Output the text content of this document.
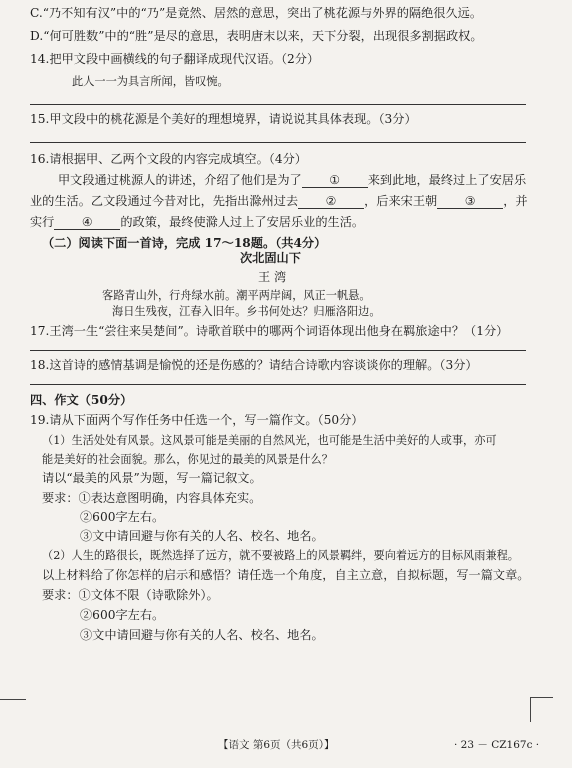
C.“乃不知有汉”中的“乃”是竟然、居然的意思，突出了桃花源与外界的隔绝很久远。
D.“何可胜数”中的“胜”是尽的意思，表明唐末以来，天下分裂，出现很多割据政权。
14.把甲文段中画横线的句子翻译成现代汉语。（2分）
此人一一为具言所闻，皆叹惋。
15.甲文段中的桃花源是个美好的理想境界，请说说其具体表现。（3分）
16.请根据甲、乙两个文段的内容完成填空。（4分）
甲文段通过桃源人的讲述，介绍了他们是为了 ① 来到此地，最终过上了安居乐
业的生活。乙文段通过今昔对比，先指出滁州过去 ② ，后来宋王朝 ③ ，并
实行 ④ 的政策，最终使滁人过上了安居乐业的生活。
（二）阅读下面一首诗，完成 17～18题。（共4分）
次北固山下
王 湾
客路青山外，行舟绿水前。潮平两岸阔，风正一帆悬。
海日生残夜，江春入旧年。乡书何处达？归雁洛阳边。
17.王湾一生“尝往来吴楚间”。诗歌首联中的哪两个词语体现出他身在羁旅途中？（1分）
18.这首诗的感情基调是愉悦的还是伤感的？请结合诗歌内容谈谈你的理解。（3分）
四、作文（50分）
19.请从下面两个写作任务中任选一个，写一篇作文。（50分）
（1）生活处处有风景。这风景可能是美丽的自然风光，也可能是生活中美好的人或事，亦可
能是美好的社会面貌。那么，你见过的最美的风景是什么？
请以“最美的风景”为题，写一篇记叙文。
要求：①表达意图明确，内容具体充实。
②600字左右。
③文中请回避与你有关的人名、校名、地名。
（2）人生的路很长，既然选择了远方，就不要被路上的风景羁绊，要向着远方的目标风雨兼程。
以上材料给了你怎样的启示和感悟？请任选一个角度，自主立意，自拟标题，写一篇文章。
要求：①文体不限（诗歌除外）。
②600字左右。
③文中请回避与你有关的人名、校名、地名。
【语文 第6页（共6页）】	· 23 － CZ167c ·
